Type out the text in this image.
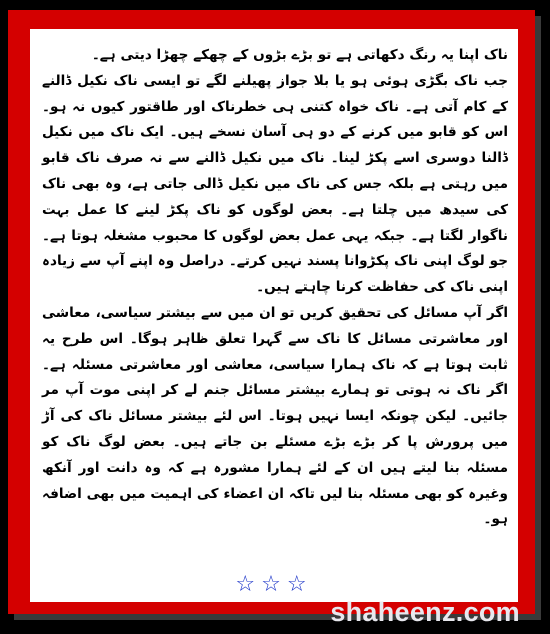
ناک اپنا یہ رنگ دکھاتی ہے تو بڑے بڑوں کے چھکے چھڑا دیتی ہے۔

جب ناک بگڑی ہوئی ہو یا بلا جواز پھیلنے لگے تو ایسی ناک نکیل ڈالنے کے کام آتی ہے۔ ناک خواہ کتنی ہی خطرناک اور طاقتور کیوں نہ ہو۔ اس کو قابو میں کرنے کے دو ہی آسان نسخے ہیں۔ ایک ناک میں نکیل ڈالنا دوسری اسے پکڑ لینا۔ ناک میں نکیل ڈالنے سے نہ صرف ناک قابو میں رہتی ہے بلکہ جس کی ناک میں نکیل ڈالی جاتی ہے، وہ بھی ناک کی سیدھ میں چلتا ہے۔ بعض لوگوں کو ناک پکڑ لینے کا عمل بہت ناگوار لگتا ہے۔ جبکہ یہی عمل بعض لوگوں کا محبوب مشغلہ ہوتا ہے۔ جو لوگ اپنی ناک پکڑوانا پسند نہیں کرتے۔ دراصل وہ اپنے آپ سے زیادہ اپنی ناک کی حفاظت کرنا چاہتے ہیں۔

اگر آپ مسائل کی تحقیق کریں تو ان میں سے بیشتر سیاسی، معاشی اور معاشرتی مسائل کا ناک سے گہرا تعلق ظاہر ہوگا۔ اس طرح یہ ثابت ہوتا ہے کہ ناک ہمارا سیاسی، معاشی اور معاشرتی مسئلہ ہے۔ اگر ناک نہ ہوتی تو ہمارے بیشتر مسائل جنم لے کر اپنی موت آپ مر جائیں۔ لیکن چونکہ ایسا نہیں ہوتا۔ اس لئے بیشتر مسائل ناک کی آڑ میں پرورش پا کر بڑے بڑے مسئلے بن جاتے ہیں۔ بعض لوگ ناک کو مسئلہ بنا لیتے ہیں ان کے لئے ہمارا مشورہ ہے کہ وہ دانت اور آنکھ وغیرہ کو بھی مسئلہ بنا لیں تاکہ ان اعضاء کی اہمیت میں بھی اضافہ ہو۔

☆☆☆
shaheenz.com
